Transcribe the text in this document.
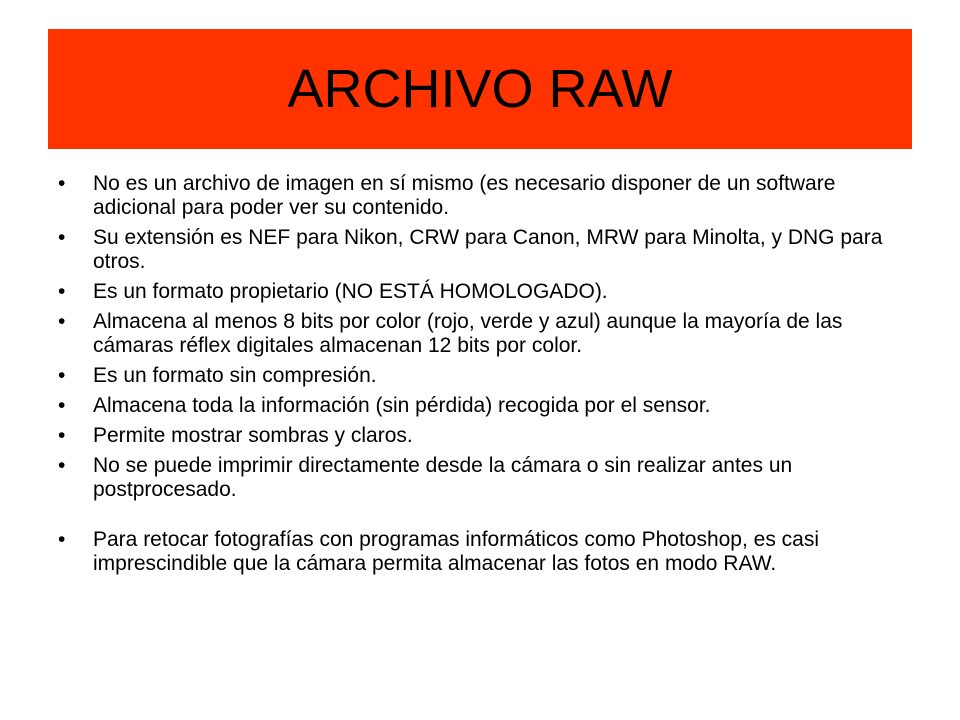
ARCHIVO RAW
• No es un archivo de imagen en sí mismo (es necesario disponer de un software adicional para poder ver su contenido.
• Su extensión es NEF para Nikon, CRW para Canon, MRW para Minolta, y DNG para otros.
• Es un formato propietario (NO ESTÁ HOMOLOGADO).
• Almacena al menos 8 bits por color (rojo, verde y azul) aunque la mayoría de las cámaras réflex digitales almacenan 12 bits por color.
• Es un formato sin compresión.
• Almacena toda la información (sin pérdida) recogida por el sensor.
• Permite mostrar sombras y claros.
• No se puede imprimir directamente desde la cámara o sin realizar antes un postprocesado.
• Para retocar fotografías con programas informáticos como Photoshop, es casi imprescindible que la cámara permita almacenar las fotos en modo RAW.
